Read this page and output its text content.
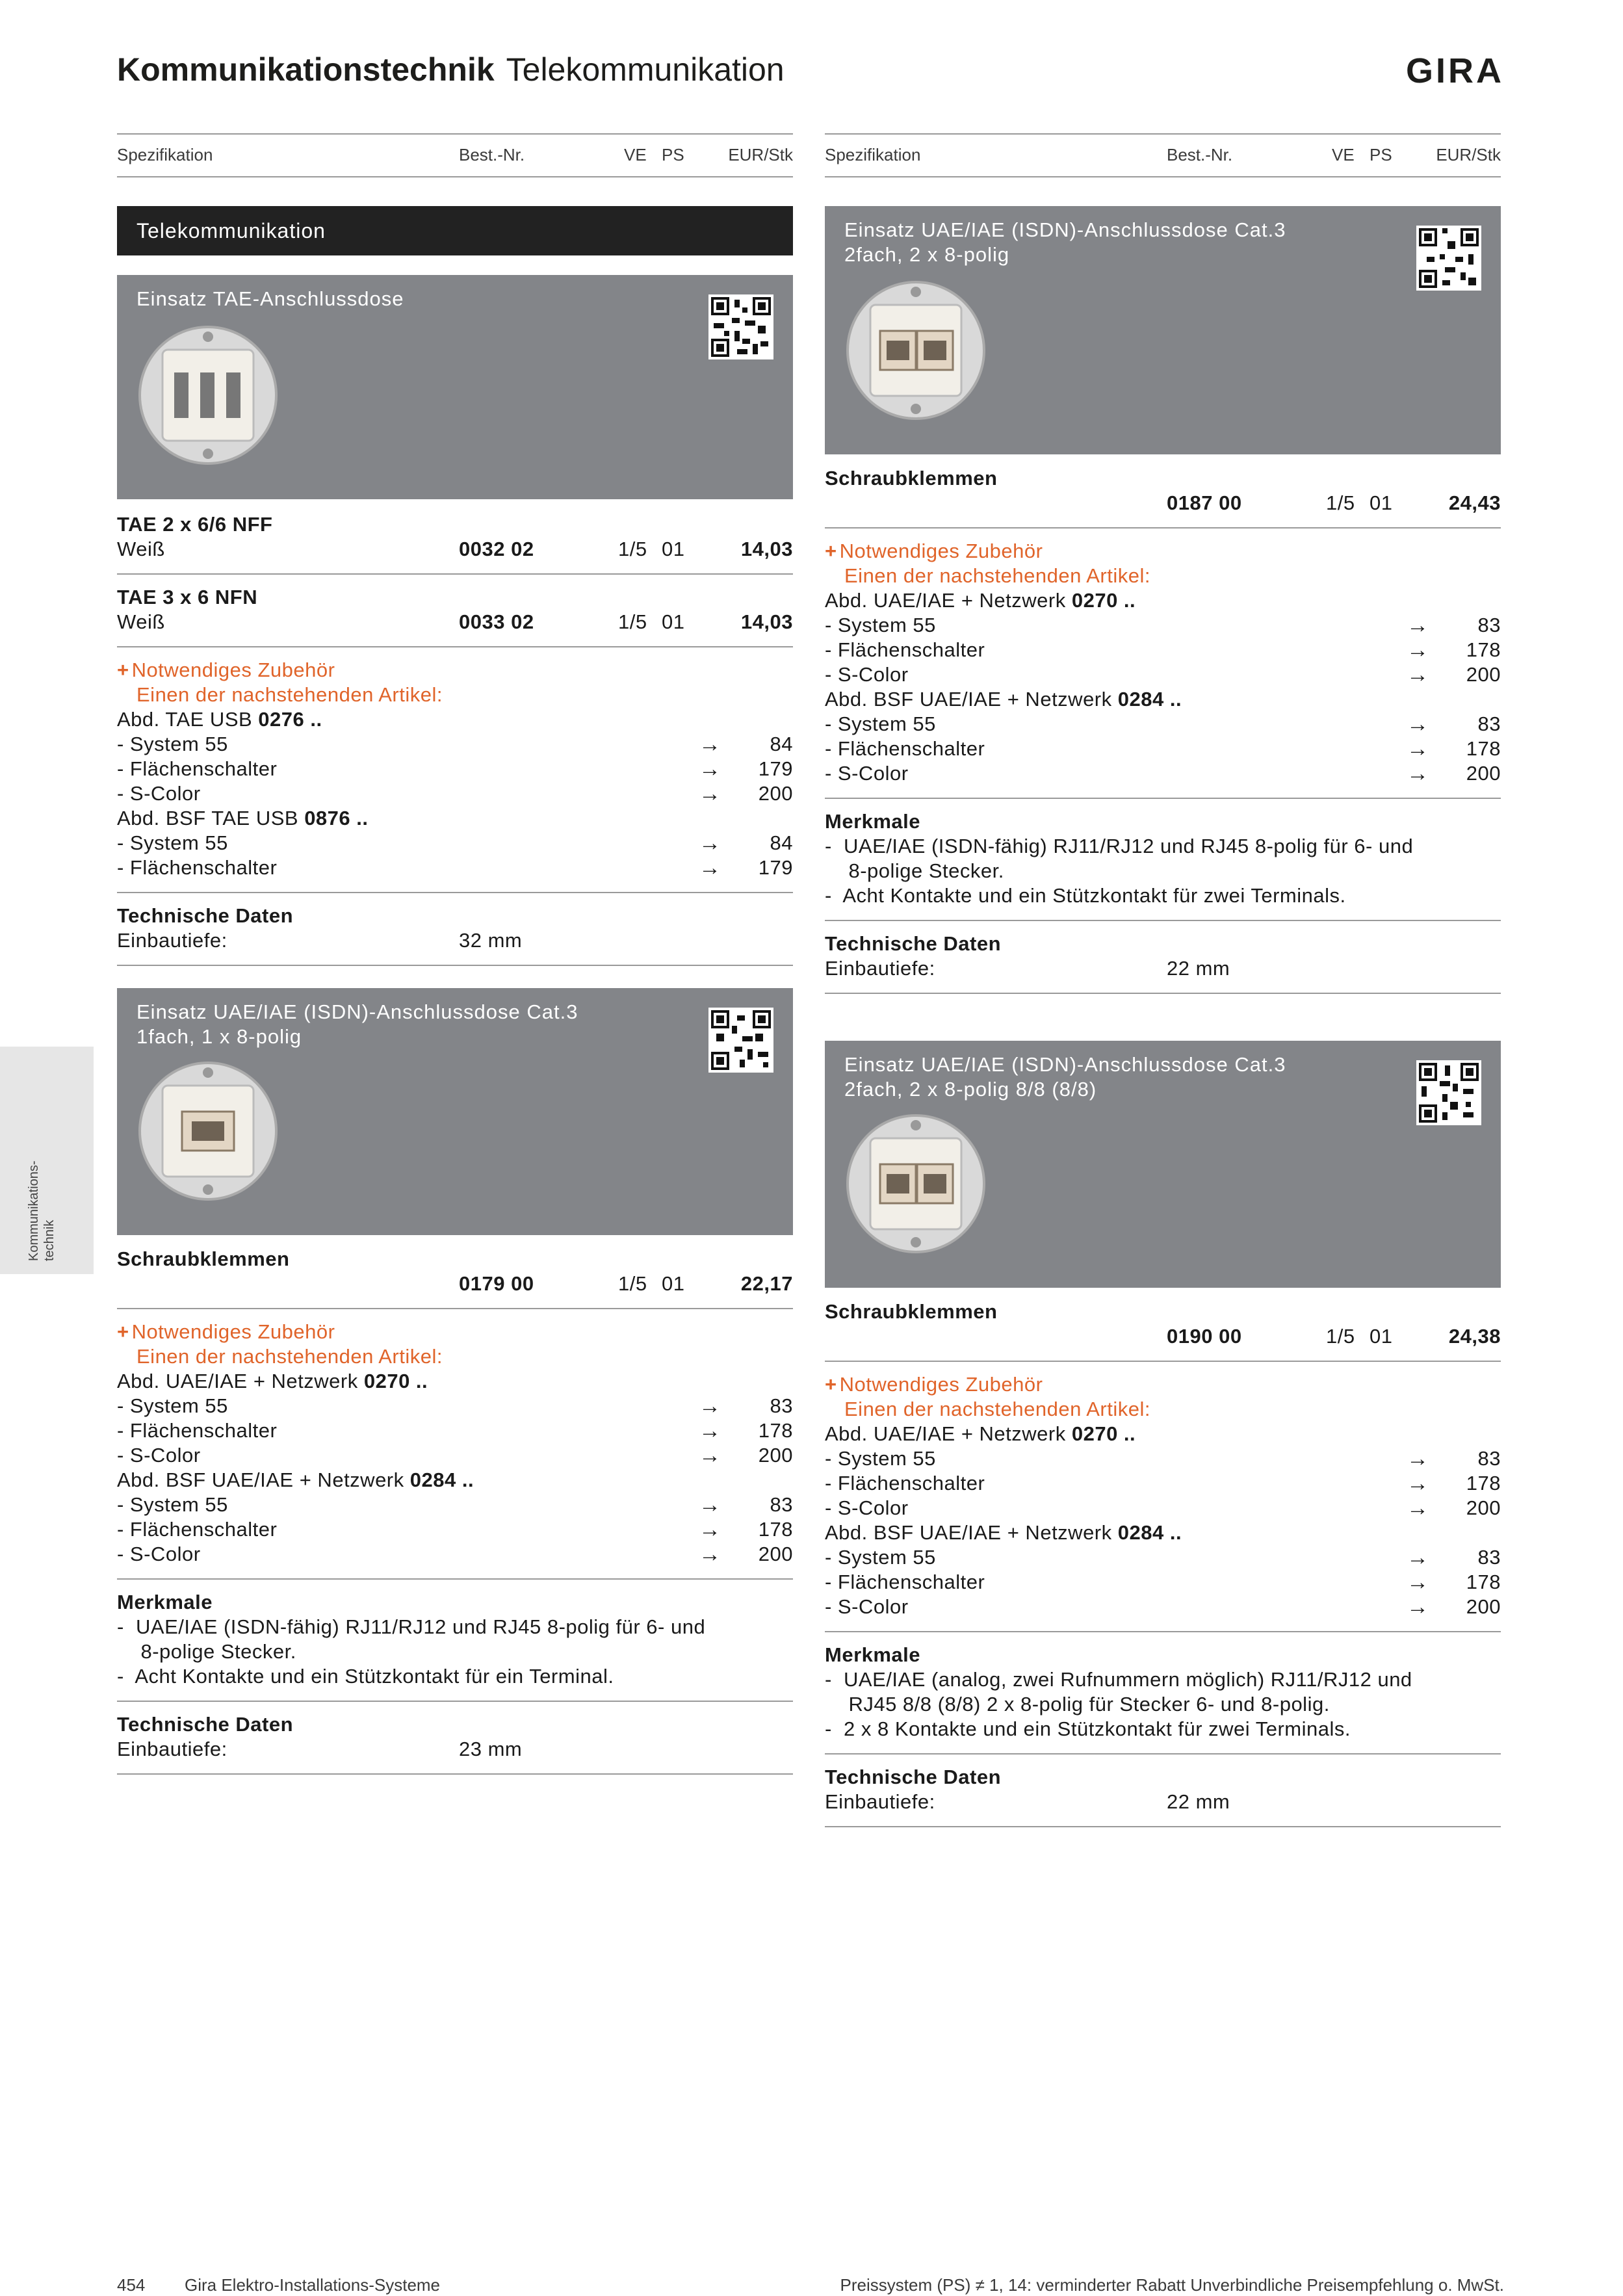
Kommunikationstechnik Telekommunikation	GIRA
Kommunikations- technik
Spezifikation	Best.-Nr.	VE PS	EUR/Stk
Telekommunikation
Einsatz TAE-Anschlussdose
TAE 2 x 6/6 NFF
Weiß	0032 02	1/5 01	14,03
TAE 3 x 6 NFN
Weiß	0033 02	1/5 01	14,03
+ Notwendiges Zubehör
Einen der nachstehenden Artikel:
Abd. TAE USB 0276 ..
- System 55	→ 84
- Flächenschalter	→ 179
- S-Color	→ 200
Abd. BSF TAE USB 0876 ..
- System 55	→ 84
- Flächenschalter	→ 179
Technische Daten
Einbautiefe:	32 mm
Einsatz UAE/IAE (ISDN)-Anschlussdose Cat.3
1fach, 1 x 8-polig
Schraubklemmen
0179 00	1/5 01	22,17
+ Notwendiges Zubehör
Einen der nachstehenden Artikel:
Abd. UAE/IAE + Netzwerk 0270 ..
- System 55	→ 83
- Flächenschalter	→ 178
- S-Color	→ 200
Abd. BSF UAE/IAE + Netzwerk 0284 ..
- System 55	→ 83
- Flächenschalter	→ 178
- S-Color	→ 200
Merkmale
-  UAE/IAE (ISDN-fähig) RJ11/RJ12 und RJ45 8-polig für 6- und
8-polige Stecker.
-  Acht Kontakte und ein Stützkontakt für ein Terminal.
Technische Daten
Einbautiefe:	23 mm
Spezifikation	Best.-Nr.	VE PS	EUR/Stk
Einsatz UAE/IAE (ISDN)-Anschlussdose Cat.3
2fach, 2 x 8-polig
Schraubklemmen
0187 00	1/5 01	24,43
+ Notwendiges Zubehör
Einen der nachstehenden Artikel:
Abd. UAE/IAE + Netzwerk 0270 ..
- System 55	→ 83
- Flächenschalter	→ 178
- S-Color	→ 200
Abd. BSF UAE/IAE + Netzwerk 0284 ..
- System 55	→ 83
- Flächenschalter	→ 178
- S-Color	→ 200
Merkmale
-  UAE/IAE (ISDN-fähig) RJ11/RJ12 und RJ45 8-polig für 6- und
8-polige Stecker.
-  Acht Kontakte und ein Stützkontakt für zwei Terminals.
Technische Daten
Einbautiefe:	22 mm
Einsatz UAE/IAE (ISDN)-Anschlussdose Cat.3
2fach, 2 x 8-polig 8/8 (8/8)
Schraubklemmen
0190 00	1/5 01	24,38
+ Notwendiges Zubehör
Einen der nachstehenden Artikel:
Abd. UAE/IAE + Netzwerk 0270 ..
- System 55	→ 83
- Flächenschalter	→ 178
- S-Color	→ 200
Abd. BSF UAE/IAE + Netzwerk 0284 ..
- System 55	→ 83
- Flächenschalter	→ 178
- S-Color	→ 200
Merkmale
-  UAE/IAE (analog, zwei Rufnummern möglich) RJ11/RJ12 und
RJ45 8/8 (8/8) 2 x 8-polig für Stecker 6- und 8-polig.
-  2 x 8 Kontakte und ein Stützkontakt für zwei Terminals.
Technische Daten
Einbautiefe:	22 mm
454 Gira Elektro-Installations-Systeme	Preissystem (PS) ≠ 1, 14: verminderter Rabatt Unverbindliche Preisempfehlung o. MwSt.
